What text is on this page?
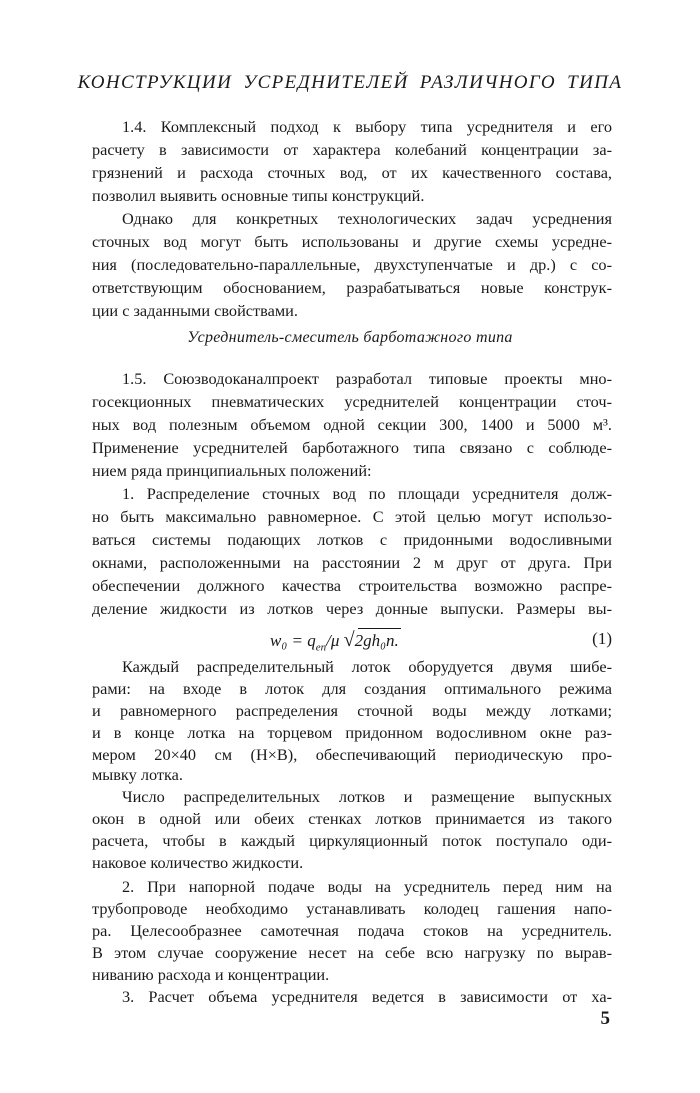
КОНСТРУКЦИИ УСРЕДНИТЕЛЕЙ РАЗЛИЧНОГО ТИПА
1.4. Комплексный подход к выбору типа усреднителя и его
расчету в зависимости от характера колебаний концентрации за-
грязнений и расхода сточных вод, от их качественного состава,
позволил выявить основные типы конструкций.
Однако для конкретных технологических задач усреднения
сточных вод могут быть использованы и другие схемы усредне-
ния (последовательно-параллельные, двухступенчатые и др.) с со-
ответствующим обоснованием, разрабатываться новые конструк-
ции с заданными свойствами.
Усреднитель-смеситель барботажного типа
1.5. Союзводоканалпроект разработал типовые проекты мно-
госекционных пневматических усреднителей концентрации сточ-
ных вод полезным объемом одной секции 300, 1400 и 5000 м³.
Применение усреднителей барботажного типа связано с соблюде-
нием ряда принципиальных положений:
1. Распределение сточных вод по площади усреднителя долж-
но быть максимально равномерное. С этой целью могут использо-
ваться системы подающих лотков с придонными водосливными
окнами, расположенными на расстоянии 2 м друг от друга. При
обеспечении должного качества строительства возможно распре-
деление жидкости из лотков через донные выпуски. Размеры вы-
$w_0 = q_{еп}/\mu$ √2gh₀n.	(1)
Каждый распределительный лоток оборудуется двумя шибе-
рами: на входе в лоток для создания оптимального режима
и равномерного распределения сточной воды между лотками;
и в конце лотка на торцевом придонном водосливном окне раз-
мером 20×40 см (H×B), обеспечивающий периодическую про-
мывку лотка.
Число распределительных лотков и размещение выпускных
окон в одной или обеих стенках лотков принимается из такого
расчета, чтобы в каждый циркуляционный поток поступало оди-
наковое количество жидкости.
2. При напорной подаче воды на усреднитель перед ним на
трубопроводе необходимо устанавливать колодец гашения напо-
ра. Целесообразнее самотечная подача стоков на усреднитель.
В этом случае сооружение несет на себе всю нагрузку по вырав-
5
ниванию расхода и концентрации.
3. Расчет объема усреднителя ведется в зависимости от ха-
